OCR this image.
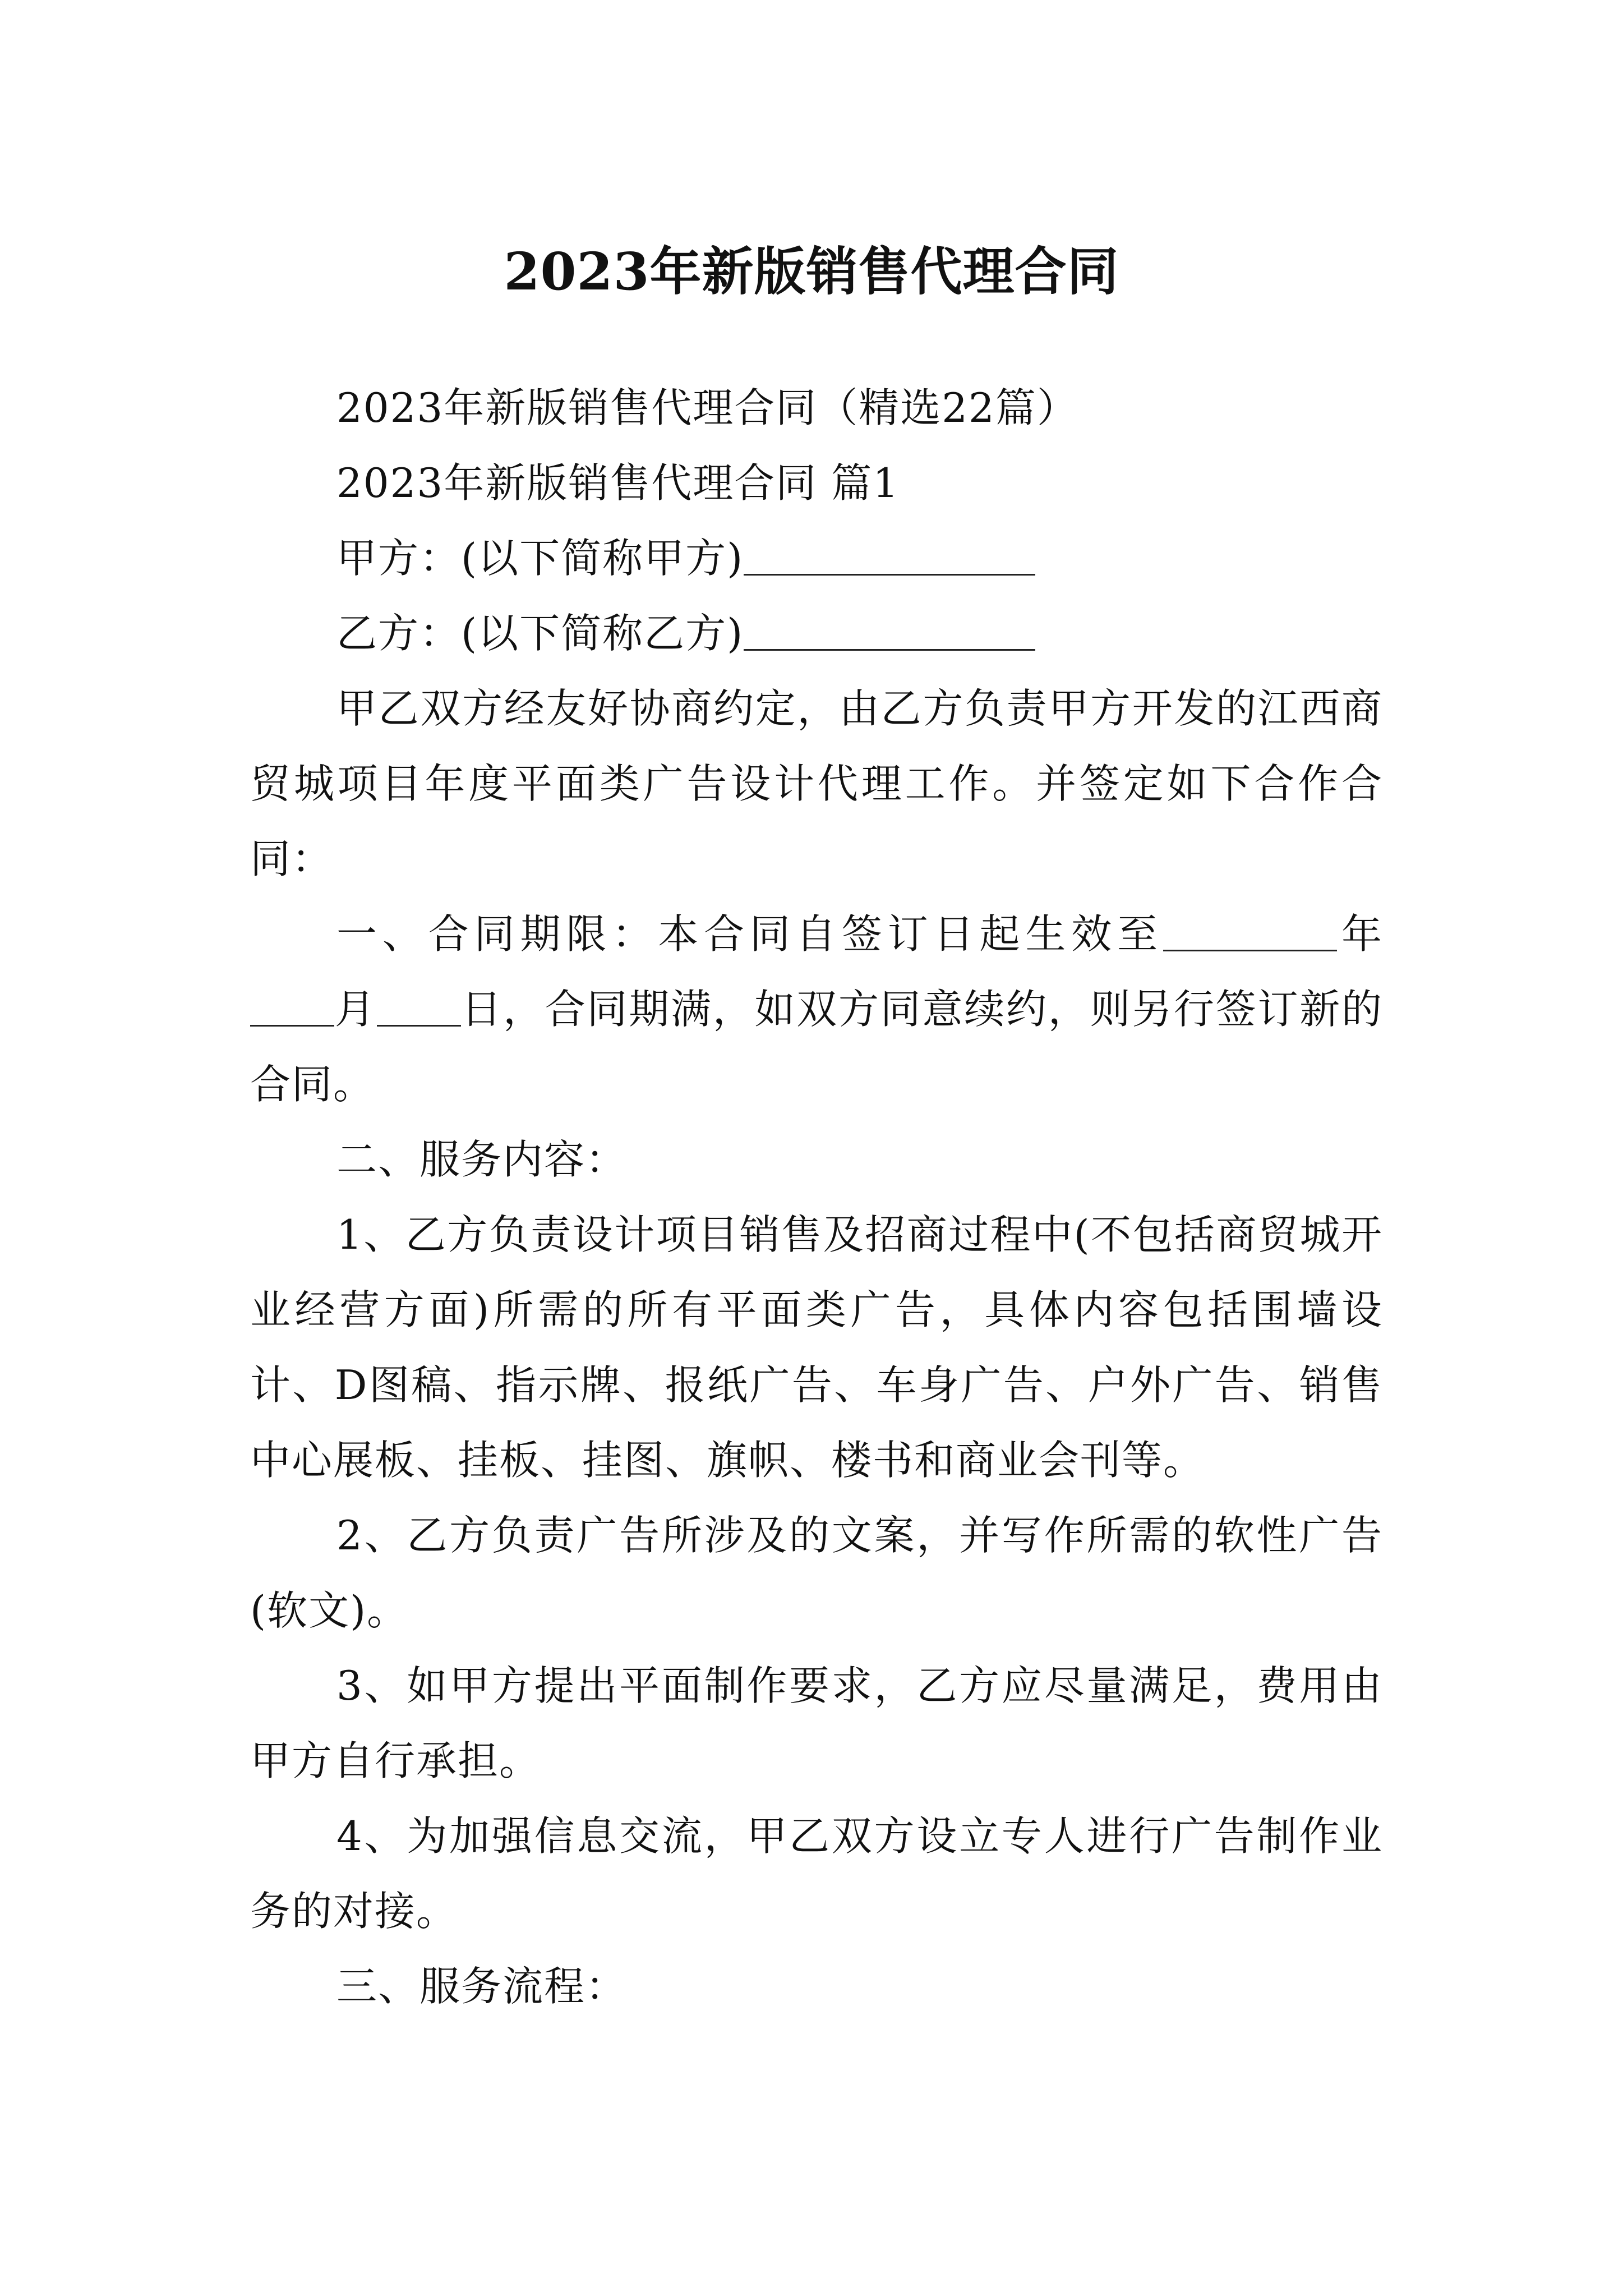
2023年新版销售代理合同

2023年新版销售代理合同（精选22篇）

2023年新版销售代理合同 篇1

甲方：(以下简称甲方)

乙方：(以下简称乙方)

甲乙双方经友好协商约定，由乙方负责甲方开发的江西商贸城项目年度平面类广告设计代理工作。并签定如下合作合同：

一、合同期限：本合同自签订日起生效至	年月 日，合同期满，如双方同意续约，则另行签订新的合同。

二、服务内容：

1、乙方负责设计项目销售及招商过程中(不包括商贸城开业经营方面)所需的所有平面类广告，具体内容包括围墙设计、D图稿、指示牌、报纸广告、车身广告、户外广告、销售中心展板、挂板、挂图、旗帜、楼书和商业会刊等。

2、乙方负责广告所涉及的文案，并写作所需的软性广告(软文)。

3、如甲方提出平面制作要求，乙方应尽量满足，费用由甲方自行承担。

4、为加强信息交流，甲乙双方设立专人进行广告制作业务的对接。

三、服务流程：
